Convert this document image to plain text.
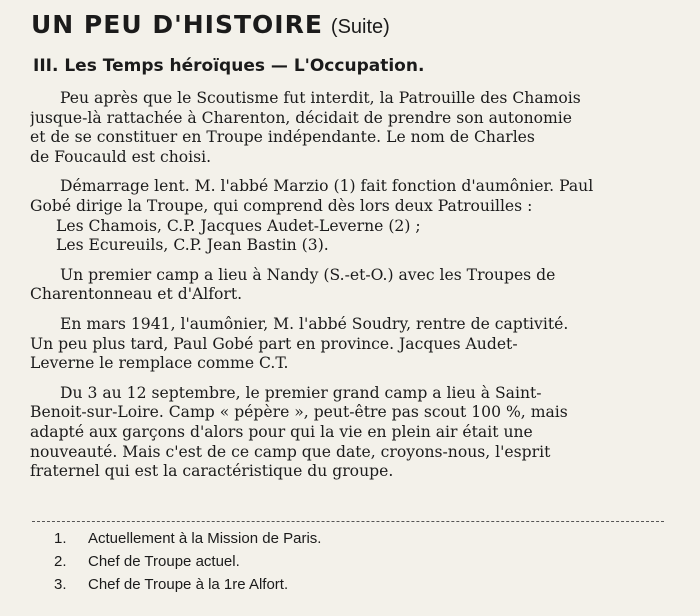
UN PEU D'HISTOIRE (Suite)
III. Les Temps héroïques — L'Occupation.

Peu après que le Scoutisme fut interdit, la Patrouille des Chamois
jusque-là rattachée à Charenton, décidait de prendre son autonomie
et de se constituer en Troupe indépendante. Le nom de Charles
de Foucauld est choisi.

Démarrage lent. M. l'abbé Marzio (1) fait fonction d'aumônier. Paul
Gobé dirige la Troupe, qui comprend dès lors deux Patrouilles :
Les Chamois, C.P. Jacques Audet-Leverne (2) ;
Les Ecureuils, C.P. Jean Bastin (3).

Un premier camp a lieu à Nandy (S.-et-O.) avec les Troupes de
Charentonneau et d'Alfort.

En mars 1941, l'aumônier, M. l'abbé Soudry, rentre de captivité.
Un peu plus tard, Paul Gobé part en province. Jacques Audet-
Leverne le remplace comme C.T.

Du 3 au 12 septembre, le premier grand camp a lieu à Saint-
Benoit-sur-Loire. Camp « pépère », peut-être pas scout 100 %, mais
adapté aux garçons d'alors pour qui la vie en plein air était une
nouveauté. Mais c'est de ce camp que date, croyons-nous, l'esprit
fraternel qui est la caractéristique du groupe.

1. Actuellement à la Mission de Paris.
2. Chef de Troupe actuel.
3. Chef de Troupe à la 1re Alfort.
